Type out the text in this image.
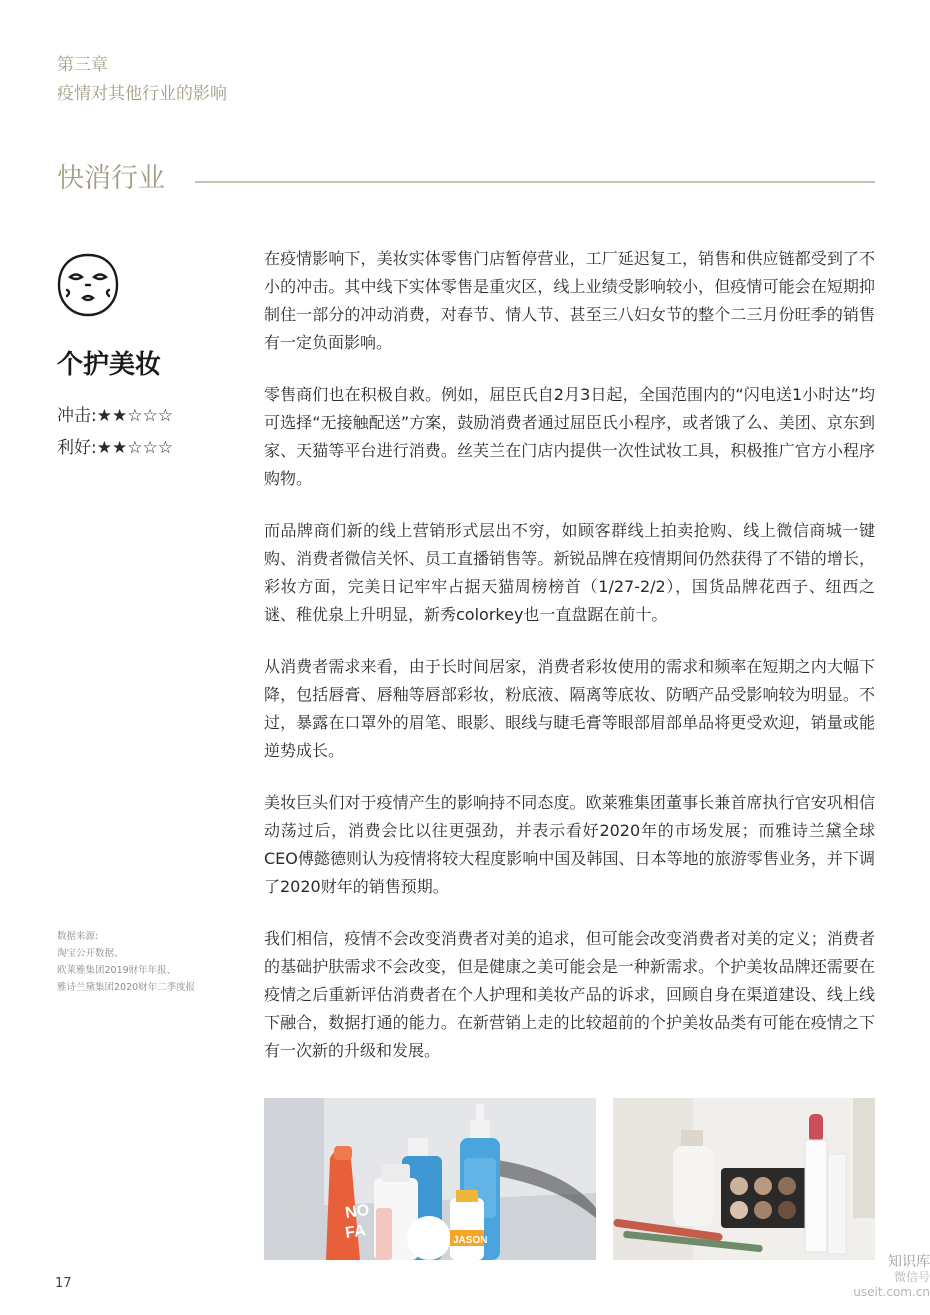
第三章
疫情对其他行业的影响
快消行业
个护美妆
冲击:★★☆☆☆
利好:★★☆☆☆
数据来源:
淘宝公开数据、
欧莱雅集团2019财年年报、
雅诗兰黛集团2020财年二季度报

在疫情影响下，美妆实体零售门店暂停营业，工厂延迟复工，销售和供应链都受到了不小的冲击。其中线下实体零售是重灾区，线上业绩受影响较小，但疫情可能会在短期抑制住一部分的冲动消费，对春节、情人节、甚至三八妇女节的整个二三月份旺季的销售有一定负面影响。

零售商们也在积极自救。例如，屈臣氏自2月3日起，全国范围内的“闪电送1小时达”均可选择“无接触配送”方案，鼓励消费者通过屈臣氏小程序，或者饿了么、美团、京东到家、天猫等平台进行消费。丝芙兰在门店内提供一次性试妆工具，积极推广官方小程序购物。

而品牌商们新的线上营销形式层出不穷，如顾客群线上拍卖抢购、线上微信商城一键购、消费者微信关怀、员工直播销售等。新锐品牌在疫情期间仍然获得了不错的增长，彩妆方面，完美日记牢牢占据天猫周榜榜首（1/27-2/2），国货品牌花西子、纽西之谜、稚优泉上升明显，新秀colorkey也一直盘踞在前十。

从消费者需求来看，由于长时间居家，消费者彩妆使用的需求和频率在短期之内大幅下降，包括唇膏、唇釉等唇部彩妆，粉底液、隔离等底妆、防晒产品受影响较为明显。不过，暴露在口罩外的眉笔、眼影、眼线与睫毛膏等眼部眉部单品将更受欢迎，销量或能逆势成长。

美妆巨头们对于疫情产生的影响持不同态度。欧莱雅集团董事长兼首席执行官安巩相信动荡过后，消费会比以往更强劲，并表示看好2020年的市场发展；而雅诗兰黛全球CEO傅懿德则认为疫情将较大程度影响中国及韩国、日本等地的旅游零售业务，并下调了2020财年的销售预期。

我们相信，疫情不会改变消费者对美的追求，但可能会改变消费者对美的定义；消费者的基础护肤需求不会改变，但是健康之美可能会是一种新需求。个护美妆品牌还需要在疫情之后重新评估消费者在个人护理和美妆产品的诉求，回顾自身在渠道建设、线上线下融合，数据打通的能力。在新营销上走的比较超前的个护美妆品类有可能在疫情之下有一次新的升级和发展。

NO
FA	JASON
17
知识库
微信号 useit.com.cn
